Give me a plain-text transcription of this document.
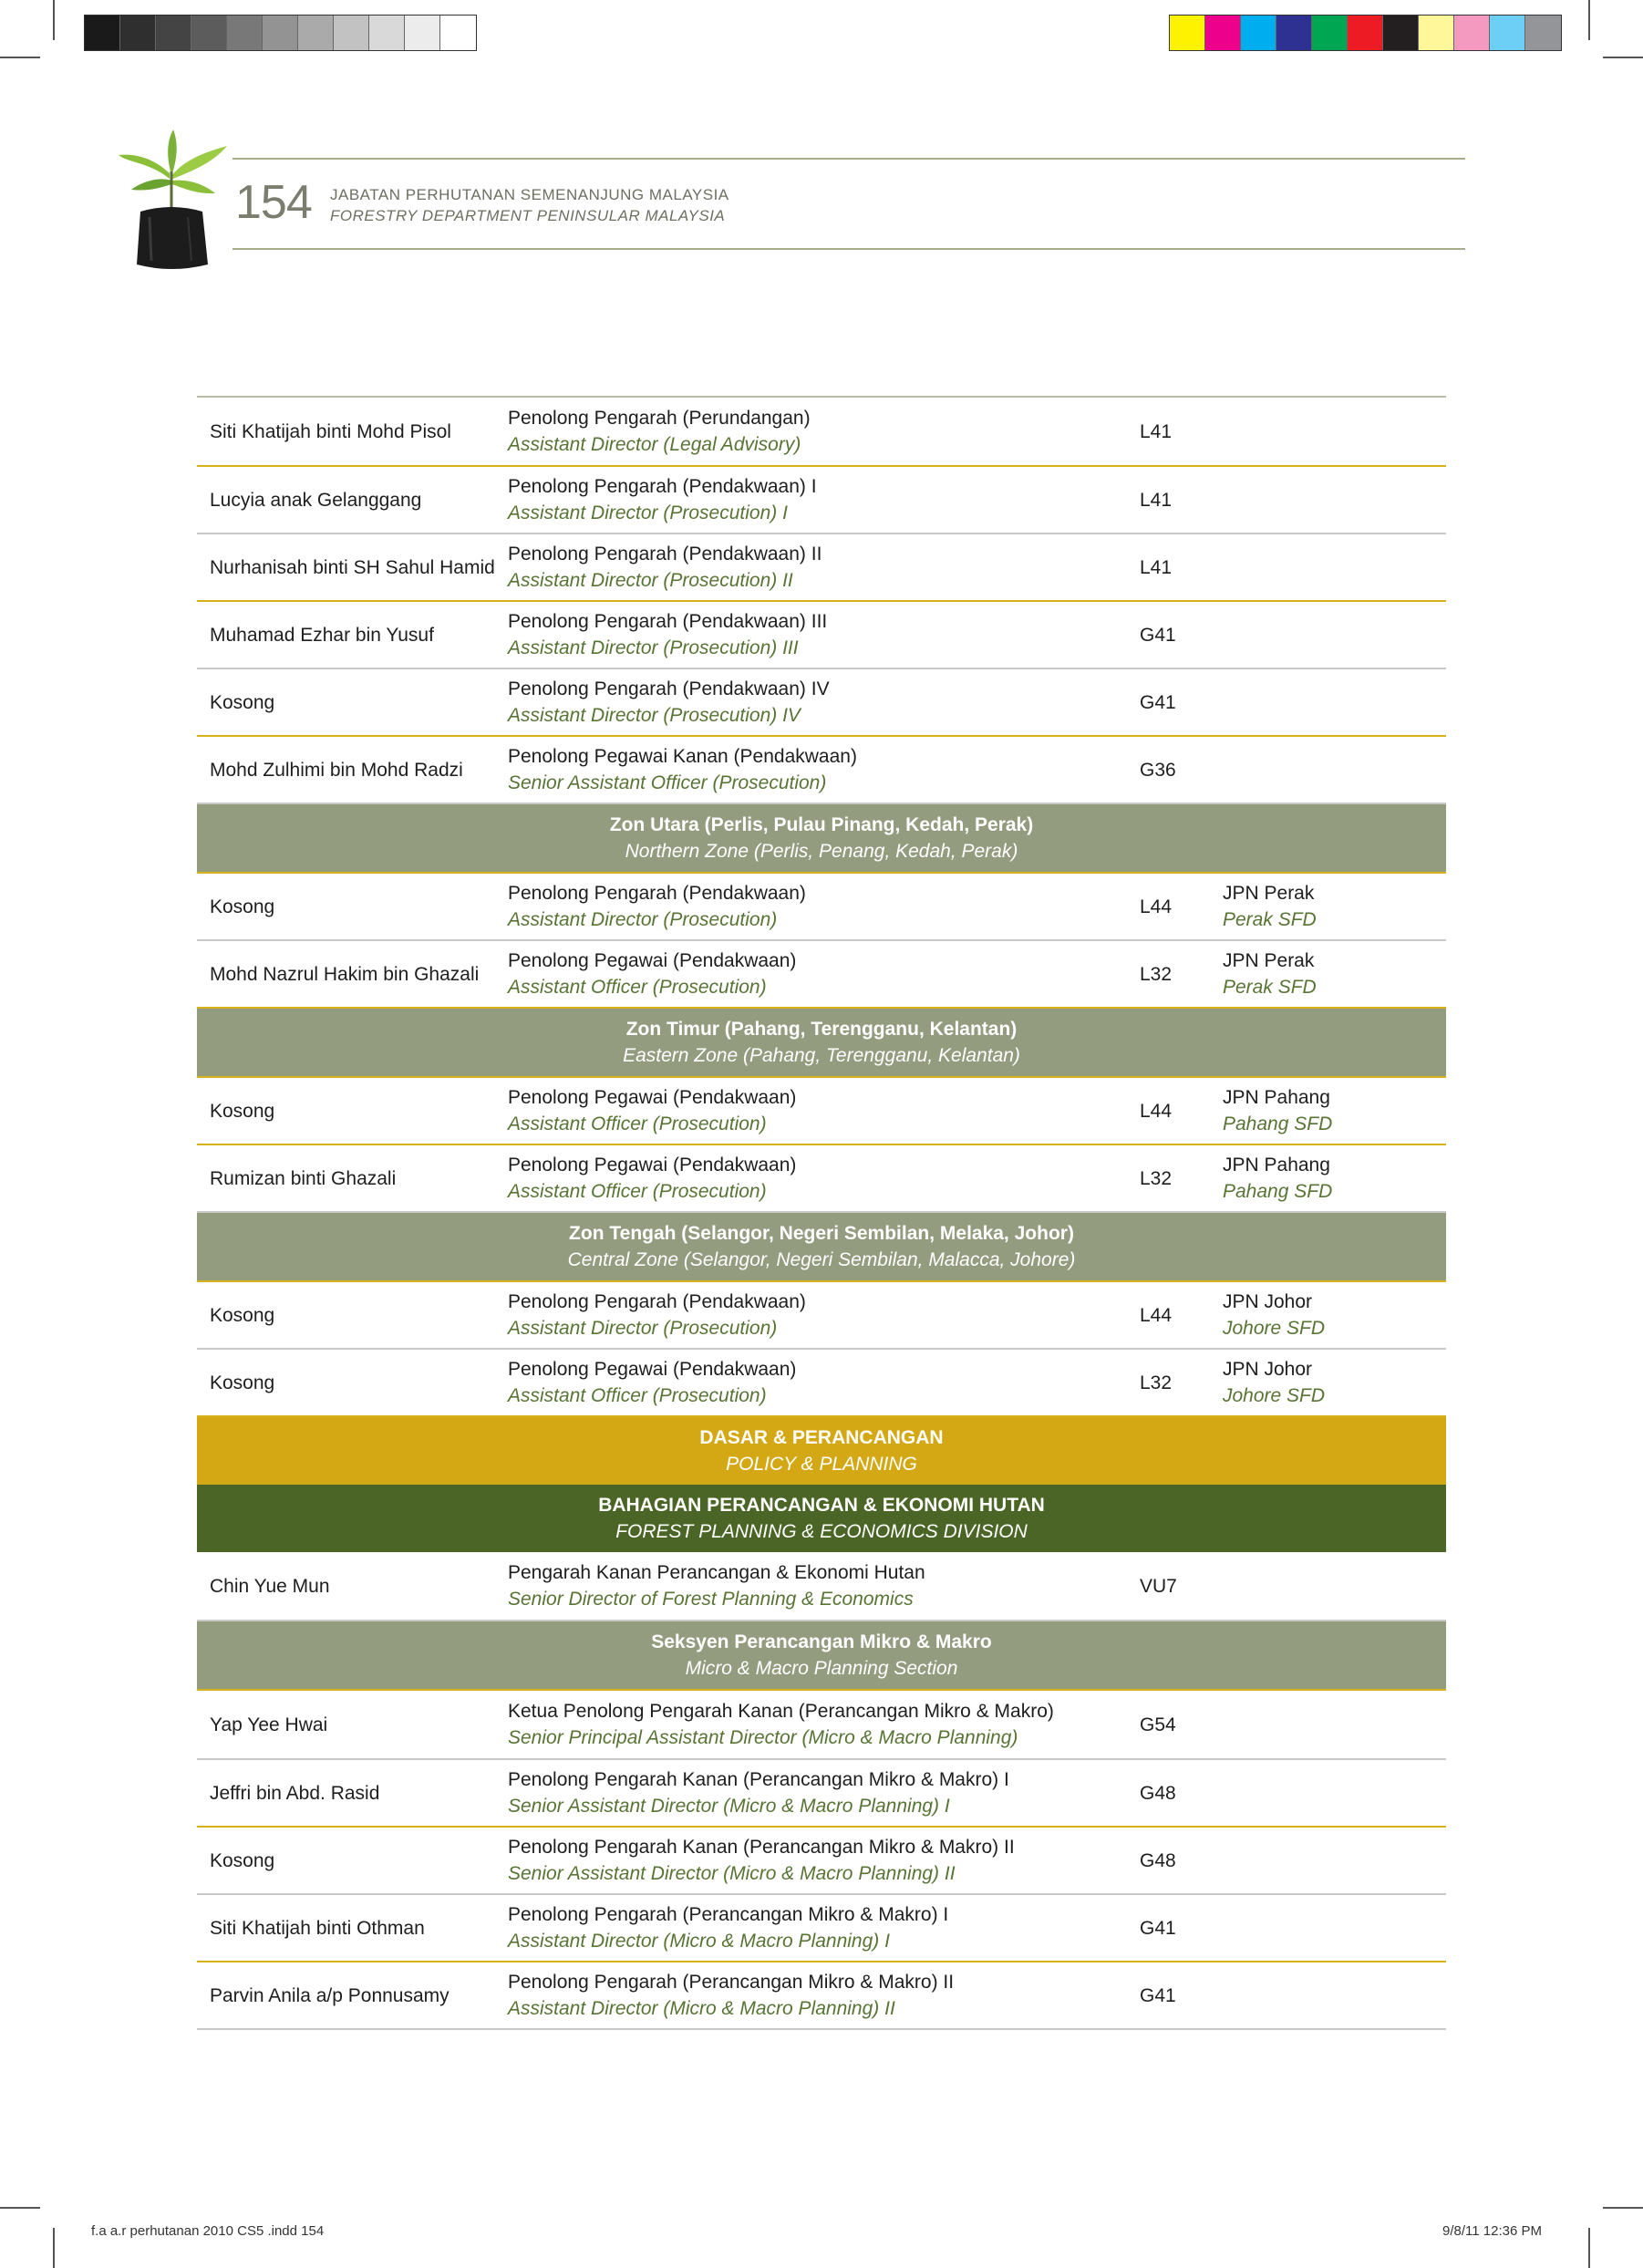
154 JABATAN PERHUTANAN SEMENANJUNG MALAYSIA
FORESTRY DEPARTMENT PENINSULAR MALAYSIA
Siti Khatijah binti Mohd Pisol
Penolong Pengarah (Perundangan)
Assistant Director (Legal Advisory)
L41
Lucyia anak Gelanggang
Penolong Pengarah (Pendakwaan) I
Assistant Director (Prosecution) I
L41
Nurhanisah binti SH Sahul Hamid
Penolong Pengarah (Pendakwaan) II
Assistant Director (Prosecution) II
L41
Muhamad Ezhar bin Yusuf
Penolong Pengarah (Pendakwaan) III
Assistant Director (Prosecution) III
G41
Kosong
Penolong Pengarah (Pendakwaan) IV
Assistant Director (Prosecution) IV
G41
Mohd Zulhimi bin Mohd Radzi
Penolong Pegawai Kanan (Pendakwaan)
Senior Assistant Officer (Prosecution)
G36
Zon Utara (Perlis, Pulau Pinang, Kedah, Perak)
Northern Zone (Perlis, Penang, Kedah, Perak)
Kosong
Penolong Pengarah (Pendakwaan)
Assistant Director (Prosecution)
L44
JPN Perak
Perak SFD
Mohd Nazrul Hakim bin Ghazali
Penolong Pegawai (Pendakwaan)
Assistant Officer (Prosecution)
L32
JPN Perak
Perak SFD
Zon Timur (Pahang, Terengganu, Kelantan)
Eastern Zone (Pahang, Terengganu, Kelantan)
Kosong
Penolong Pegawai (Pendakwaan)
Assistant Officer (Prosecution)
L44
JPN Pahang
Pahang SFD
Rumizan binti Ghazali
Penolong Pegawai (Pendakwaan)
Assistant Officer (Prosecution)
L32
JPN Pahang
Pahang SFD
Zon Tengah (Selangor, Negeri Sembilan, Melaka, Johor)
Central Zone (Selangor, Negeri Sembilan, Malacca, Johore)
Kosong
Penolong Pengarah (Pendakwaan)
Assistant Director (Prosecution)
L44
JPN Johor
Johore SFD
Kosong
Penolong Pegawai (Pendakwaan)
Assistant Officer (Prosecution)
L32
JPN Johor
Johore SFD
DASAR & PERANCANGAN
POLICY & PLANNING
BAHAGIAN PERANCANGAN & EKONOMI HUTAN
FOREST PLANNING & ECONOMICS DIVISION
Chin Yue Mun
Pengarah Kanan Perancangan & Ekonomi Hutan
Senior Director of Forest Planning & Economics
VU7
Seksyen Perancangan Mikro & Makro
Micro & Macro Planning Section
Yap Yee Hwai
Ketua Penolong Pengarah Kanan (Perancangan Mikro & Makro)
Senior Principal Assistant Director (Micro & Macro Planning)
G54
Jeffri bin Abd. Rasid
Penolong Pengarah Kanan (Perancangan Mikro & Makro) I
Senior Assistant Director (Micro & Macro Planning) I
G48
Kosong
Penolong Pengarah Kanan (Perancangan Mikro & Makro) II
Senior Assistant Director (Micro & Macro Planning) II
G48
Siti Khatijah binti Othman
Penolong Pengarah (Perancangan Mikro & Makro) I
Assistant Director (Micro & Macro Planning) I
G41
Parvin Anila a/p Ponnusamy
Penolong Pengarah (Perancangan Mikro & Makro) II
Assistant Director (Micro & Macro Planning) II
G41
f.a a.r perhutanan 2010 CS5 .indd 154	9/8/11 12:36 PM
